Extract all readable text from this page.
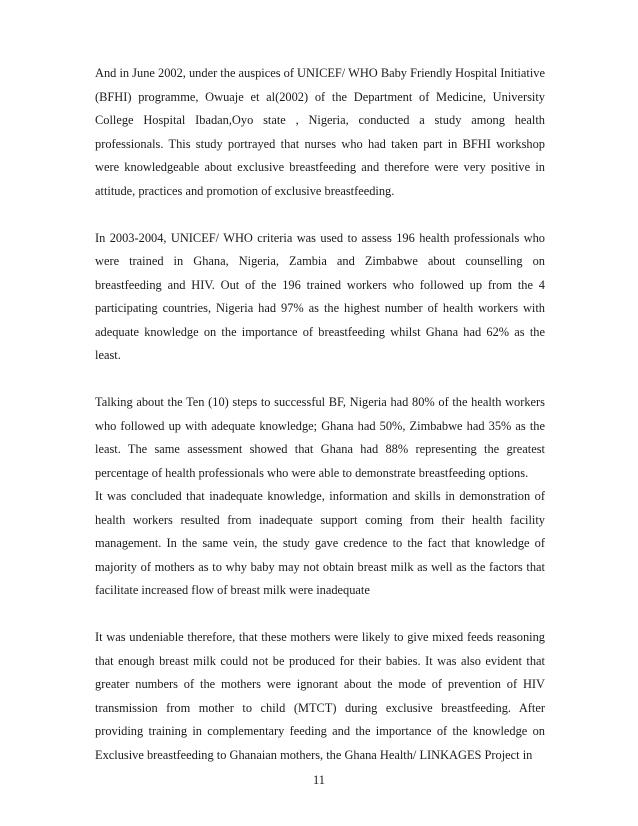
And in June 2002, under the auspices of UNICEF/ WHO Baby Friendly Hospital Initiative (BFHI) programme, Owuaje et al(2002) of the Department of Medicine, University College Hospital Ibadan,Oyo state , Nigeria, conducted a study among health professionals. This study portrayed that nurses who had taken part in BFHI workshop were knowledgeable about exclusive breastfeeding and therefore were very positive in attitude, practices and promotion of exclusive breastfeeding.

In 2003-2004, UNICEF/ WHO criteria was used to assess 196 health professionals who were trained in Ghana, Nigeria, Zambia and Zimbabwe about counselling on breastfeeding and HIV. Out of the 196 trained workers who followed up from the 4 participating countries, Nigeria had 97% as the highest number of health workers with adequate knowledge on the importance of breastfeeding whilst Ghana had 62% as the least.

Talking about the Ten (10) steps to successful BF, Nigeria had 80% of the health workers who followed up with adequate knowledge; Ghana had 50%, Zimbabwe had 35% as the least. The same assessment showed that Ghana had 88% representing the greatest percentage of health professionals who were able to demonstrate breastfeeding options.

It was concluded that inadequate knowledge, information and skills in demonstration of health workers resulted from inadequate support coming from their health facility management. In the same vein, the study gave credence to the fact that knowledge of majority of mothers as to why baby may not obtain breast milk as well as the factors that facilitate increased flow of breast milk were inadequate

It was undeniable therefore, that these mothers were likely to give mixed feeds reasoning that enough breast milk could not be produced for their babies. It was also evident that greater numbers of the mothers were ignorant about the mode of prevention of HIV transmission from mother to child (MTCT) during exclusive breastfeeding. After providing training in complementary feeding and the importance of the knowledge on Exclusive breastfeeding to Ghanaian mothers, the Ghana Health/ LINKAGES Project in

11
